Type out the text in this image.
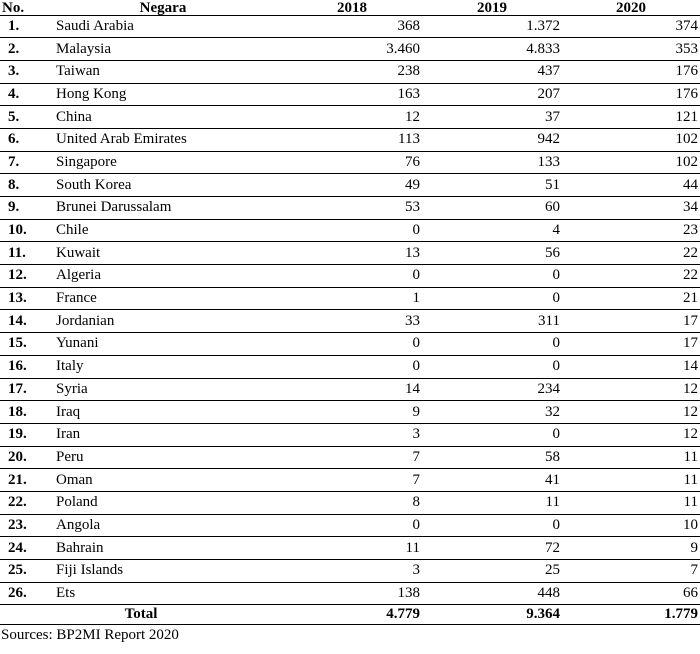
No.	Negara	2018	2019	2020
1.	Saudi Arabia	368	1.372	374
2.	Malaysia	3.460	4.833	353
3.	Taiwan	238	437	176
4.	Hong Kong	163	207	176
5.	China	12	37	121
6.	United Arab Emirates	113	942	102
7.	Singapore	76	133	102
8.	South Korea	49	51	44
9.	Brunei Darussalam	53	60	34
10.	Chile	0	4	23
11.	Kuwait	13	56	22
12.	Algeria	0	0	22
13.	France	1	0	21
14.	Jordanian	33	311	17
15.	Yunani	0	0	17
16.	Italy	0	0	14
17.	Syria	14	234	12
18.	Iraq	9	32	12
19.	Iran	3	0	12
20.	Peru	7	58	11
21.	Oman	7	41	11
22.	Poland	8	11	11
23.	Angola	0	0	10
24.	Bahrain	11	72	9
25.	Fiji Islands	3	25	7
26.	Ets	138	448	66
Total		4.779	9.364	1.779
Sources: BP2MI Report 2020
